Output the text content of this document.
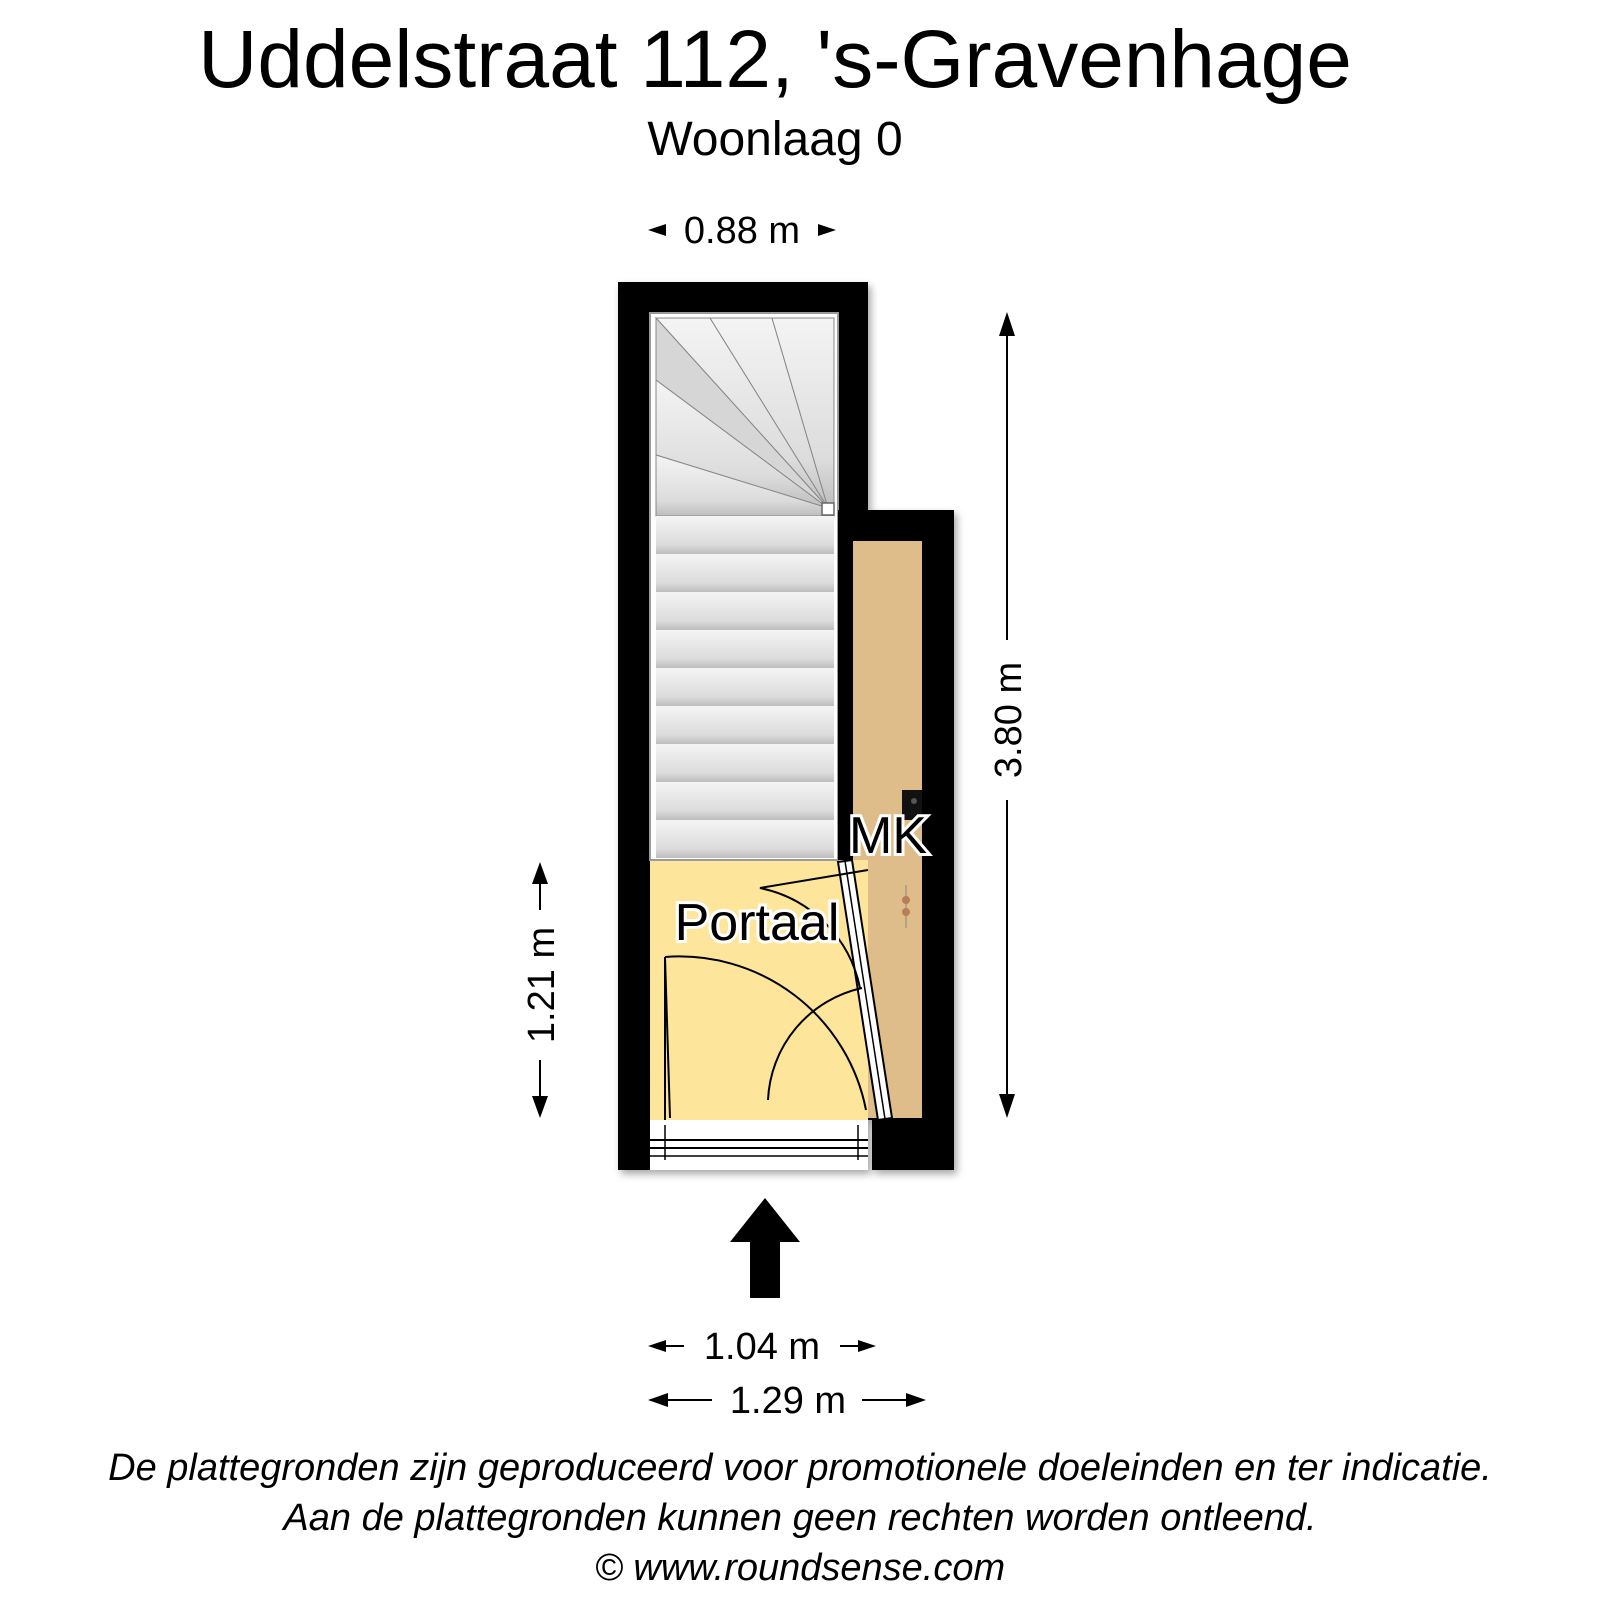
Uddelstraat 112, 's-Gravenhage
Woonlaag 0
MK
Portaal
0.88 m
3.80 m
1.21 m
1.04 m
1.29 m
De plattegronden zijn geproduceerd voor promotionele doeleinden en ter indicatie.
Aan de plattegronden kunnen geen rechten worden ontleend.
© www.roundsense.com
